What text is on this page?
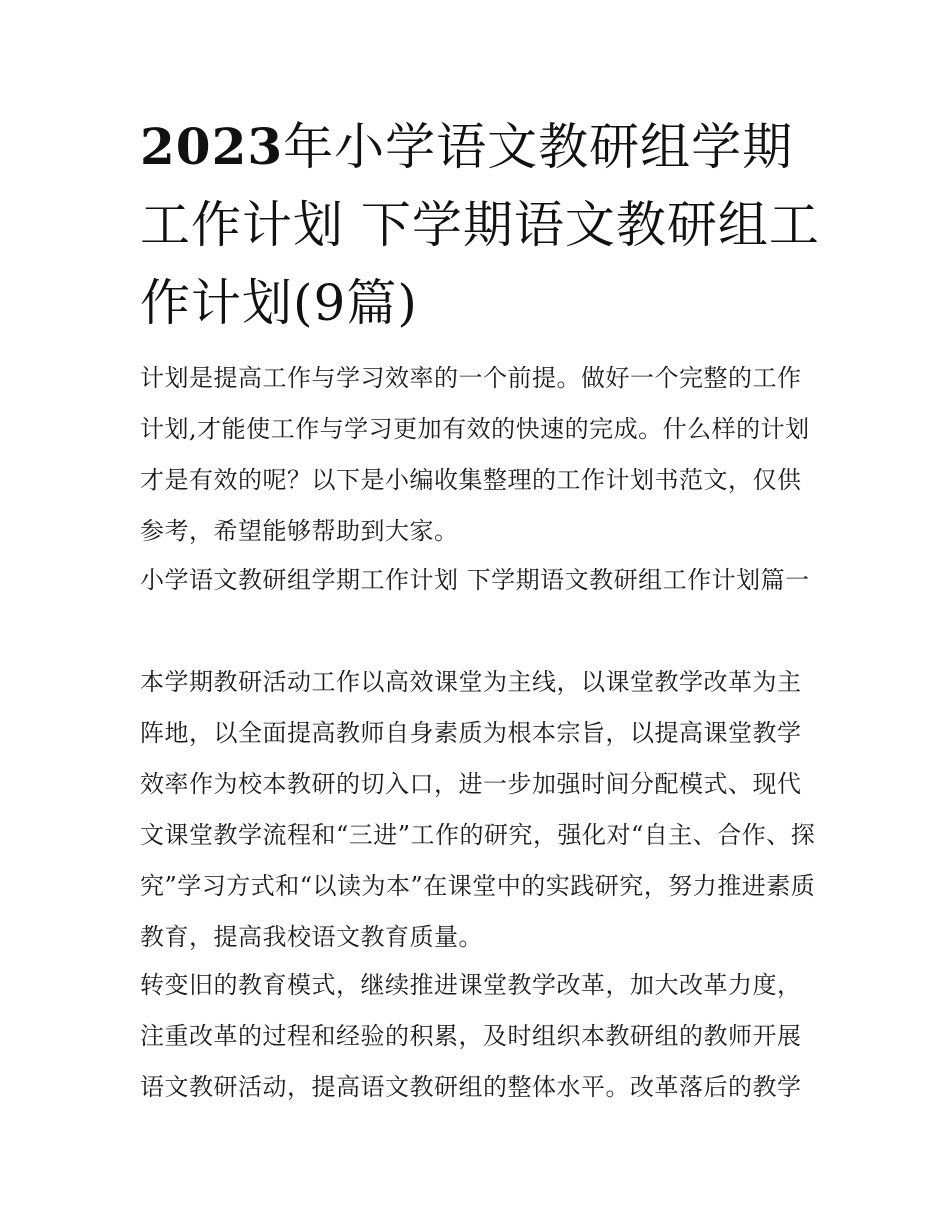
2023年小学语文教研组学期工作计划 下学期语文教研组工作计划(9篇)

计划是提高工作与学习效率的一个前提。做好一个完整的工作计划,才能使工作与学习更加有效的快速的完成。什么样的计划才是有效的呢？以下是小编收集整理的工作计划书范文，仅供参考，希望能够帮助到大家。

小学语文教研组学期工作计划 下学期语文教研组工作计划篇一

本学期教研活动工作以高效课堂为主线，以课堂教学改革为主阵地，以全面提高教师自身素质为根本宗旨，以提高课堂教学效率作为校本教研的切入口，进一步加强时间分配模式、现代文课堂教学流程和“三进”工作的研究，强化对“自主、合作、探究”学习方式和“以读为本”在课堂中的实践研究，努力推进素质教育，提高我校语文教育质量。

转变旧的教育模式，继续推进课堂教学改革，加大改革力度，注重改革的过程和经验的积累，及时组织本教研组的教师开展语文教研活动，提高语文教研组的整体水平。改革落后的教学
